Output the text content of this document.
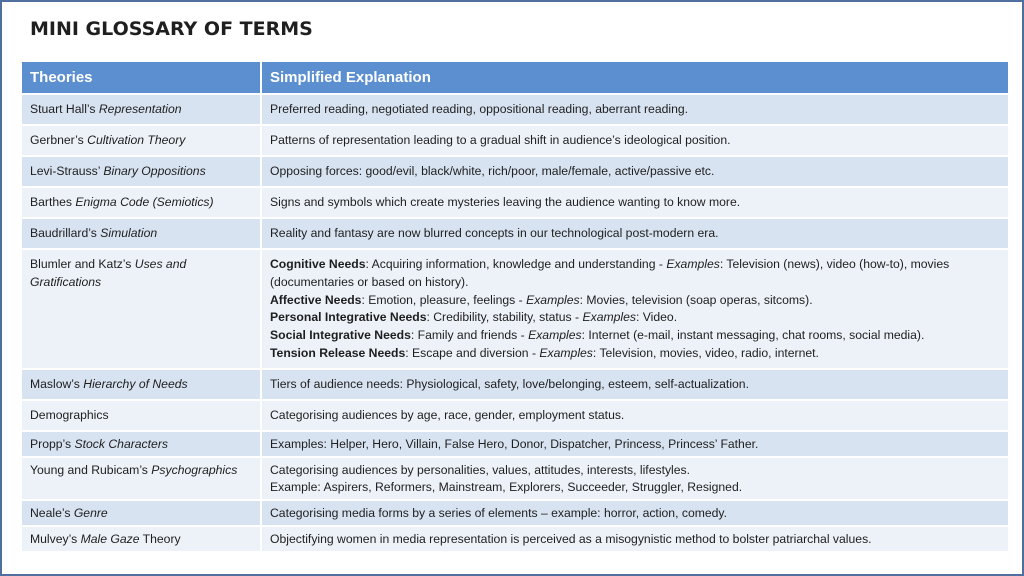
MINI GLOSSARY OF TERMS
Theories	Simplified Explanation
Stuart Hall’s Representation	Preferred reading, negotiated reading, oppositional reading, aberrant reading.
Gerbner’s Cultivation Theory	Patterns of representation leading to a gradual shift in audience’s ideological position.
Levi-Strauss’ Binary Oppositions	Opposing forces: good/evil, black/white, rich/poor, male/female, active/passive etc.
Barthes Enigma Code (Semiotics)	Signs and symbols which create mysteries leaving the audience wanting to know more.
Baudrillard’s Simulation	Reality and fantasy are now blurred concepts in our technological post-modern era.
Blumler and Katz’s Uses and Gratifications	Cognitive Needs: Acquiring information, knowledge and understanding - Examples: Television (news), video (how-to), movies (documentaries or based on history).
Affective Needs: Emotion, pleasure, feelings - Examples: Movies, television (soap operas, sitcoms).
Personal Integrative Needs: Credibility, stability, status - Examples: Video.
Social Integrative Needs: Family and friends - Examples: Internet (e-mail, instant messaging, chat rooms, social media).
Tension Release Needs: Escape and diversion - Examples: Television, movies, video, radio, internet.

Maslow’s Hierarchy of Needs	Tiers of audience needs: Physiological, safety, love/belonging, esteem, self-actualization.
Demographics	Categorising audiences by age, race, gender, employment status.
Propp’s Stock Characters	Examples: Helper, Hero, Villain, False Hero, Donor, Dispatcher, Princess, Princess’ Father.
Young and Rubicam’s Psychographics	Categorising audiences by personalities, values, attitudes, interests, lifestyles.
Example: Aspirers, Reformers, Mainstream, Explorers, Succeeder, Struggler, Resigned.

Neale’s Genre	Categorising media forms by a series of elements – example: horror, action, comedy.
Mulvey’s Male Gaze Theory	Objectifying women in media representation is perceived as a misogynistic method to bolster patriarchal values.
